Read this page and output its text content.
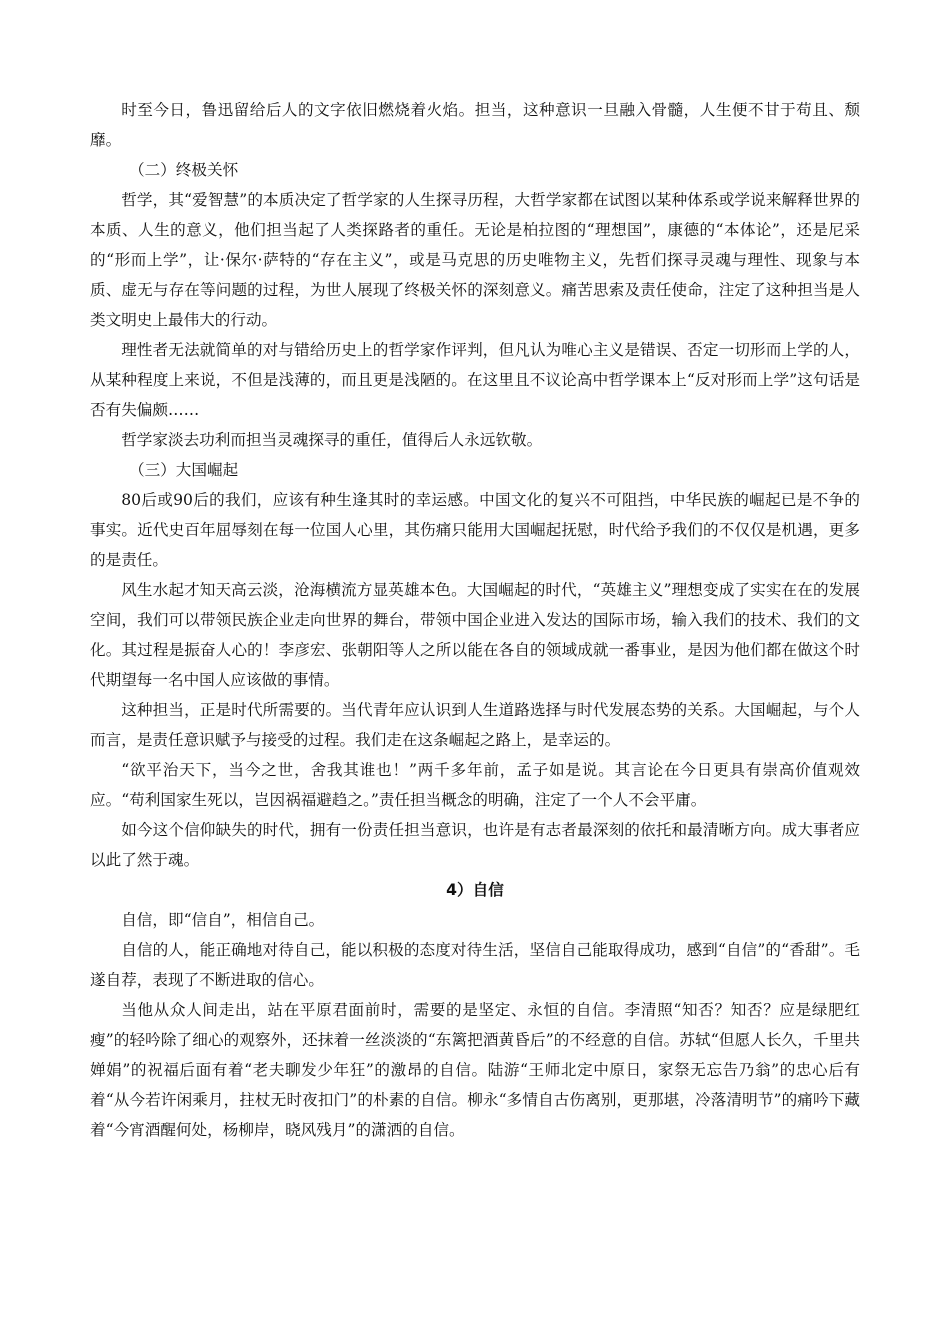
时至今日，鲁迅留给后人的文字依旧燃烧着火焰。担当，这种意识一旦融入骨髓，人生便不甘于苟且、颓靡。

（二）终极关怀

哲学，其“爱智慧”的本质决定了哲学家的人生探寻历程，大哲学家都在试图以某种体系或学说来解释世界的本质、人生的意义，他们担当起了人类探路者的重任。无论是柏拉图的“理想国”，康德的“本体论”，还是尼采的“形而上学”，让·保尔·萨特的“存在主义”，或是马克思的历史唯物主义，先哲们探寻灵魂与理性、现象与本质、虚无与存在等问题的过程，为世人展现了终极关怀的深刻意义。痛苦思索及责任使命，注定了这种担当是人类文明史上最伟大的行动。

理性者无法就简单的对与错给历史上的哲学家作评判，但凡认为唯心主义是错误、否定一切形而上学的人，从某种程度上来说，不但是浅薄的，而且更是浅陋的。在这里且不议论高中哲学课本上“反对形而上学”这句话是否有失偏颇……

哲学家淡去功利而担当灵魂探寻的重任，值得后人永远钦敬。

（三）大国崛起

80后或90后的我们，应该有种生逢其时的幸运感。中国文化的复兴不可阻挡，中华民族的崛起已是不争的事实。近代史百年屈辱刻在每一位国人心里，其伤痛只能用大国崛起抚慰，时代给予我们的不仅仅是机遇，更多的是责任。

风生水起才知天高云淡，沧海横流方显英雄本色。大国崛起的时代，“英雄主义”理想变成了实实在在的发展空间，我们可以带领民族企业走向世界的舞台，带领中国企业进入发达的国际市场，输入我们的技术、我们的文化。其过程是振奋人心的！李彦宏、张朝阳等人之所以能在各自的领域成就一番事业，是因为他们都在做这个时代期望每一名中国人应该做的事情。

这种担当，正是时代所需要的。当代青年应认识到人生道路选择与时代发展态势的关系。大国崛起，与个人而言，是责任意识赋予与接受的过程。我们走在这条崛起之路上，是幸运的。

“欲平治天下，当今之世，舍我其谁也！”两千多年前，孟子如是说。其言论在今日更具有崇高价值观效应。“苟利国家生死以，岂因祸福避趋之。”责任担当概念的明确，注定了一个人不会平庸。

如今这个信仰缺失的时代，拥有一份责任担当意识，也许是有志者最深刻的依托和最清晰方向。成大事者应以此了然于魂。

4）自信

自信，即“信自”，相信自己。

自信的人，能正确地对待自己，能以积极的态度对待生活，坚信自己能取得成功，感到“自信”的“香甜”。毛遂自荐，表现了不断进取的信心。

当他从众人间走出，站在平原君面前时，需要的是坚定、永恒的自信。李清照“知否？知否？应是绿肥红瘦”的轻吟除了细心的观察外，还抹着一丝淡淡的“东篱把酒黄昏后”的不经意的自信。苏轼“但愿人长久，千里共婵娟”的祝福后面有着“老夫聊发少年狂”的激昂的自信。陆游“王师北定中原日，家祭无忘告乃翁”的忠心后有着“从今若许闲乘月，拄杖无时夜扣门”的朴素的自信。柳永“多情自古伤离别，更那堪，冷落清明节”的痛吟下藏着“今宵酒醒何处，杨柳岸，晓风残月”的潇洒的自信。
